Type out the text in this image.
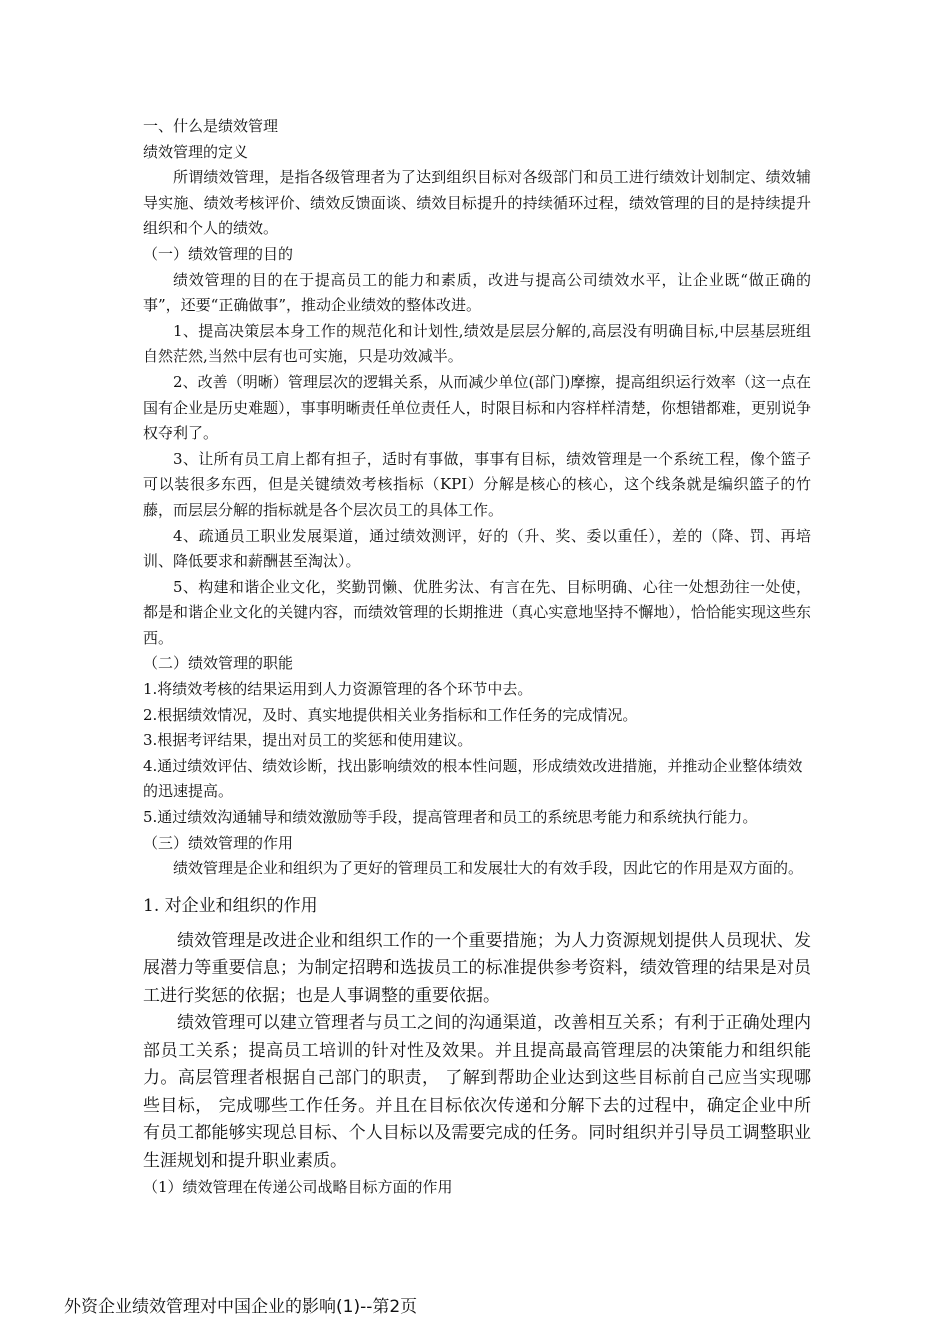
一、什么是绩效管理

绩效管理的定义

所谓绩效管理，是指各级管理者为了达到组织目标对各级部门和员工进行绩效计划制定、绩效辅导实施、绩效考核评价、绩效反馈面谈、绩效目标提升的持续循环过程，绩效管理的目的是持续提升组织和个人的绩效。

（一）绩效管理的目的

绩效管理的目的在于提高员工的能力和素质，改进与提高公司绩效水平，让企业既“做正确的事”，还要“正确做事”，推动企业绩效的整体改进。

1、提高决策层本身工作的规范化和计划性,绩效是层层分解的,高层没有明确目标,中层基层班组自然茫然,当然中层有也可实施，只是功效减半。

2、改善（明晰）管理层次的逻辑关系，从而减少单位(部门)摩擦，提高组织运行效率（这一点在国有企业是历史难题），事事明晰责任单位责任人，时限目标和内容样样清楚，你想错都难，更别说争权夺利了。

3、让所有员工肩上都有担子，适时有事做，事事有目标，绩效管理是一个系统工程，像个篮子可以装很多东西，但是关键绩效考核指标（KPI）分解是核心的核心，这个线条就是编织篮子的竹藤，而层层分解的指标就是各个层次员工的具体工作。

4、疏通员工职业发展渠道，通过绩效测评，好的（升、奖、委以重任），差的（降、罚、再培训、降低要求和薪酬甚至淘汰）。

5、构建和谐企业文化，奖勤罚懒、优胜劣汰、有言在先、目标明确、心往一处想劲往一处使，都是和谐企业文化的关键内容，而绩效管理的长期推进（真心实意地坚持不懈地），恰恰能实现这些东西。

（二）绩效管理的职能

1.将绩效考核的结果运用到人力资源管理的各个环节中去。

2.根据绩效情况，及时、真实地提供相关业务指标和工作任务的完成情况。

3.根据考评结果，提出对员工的奖惩和使用建议。

4.通过绩效评估、绩效诊断，找出影响绩效的根本性问题，形成绩效改进措施，并推动企业整体绩效的迅速提高。

5.通过绩效沟通辅导和绩效激励等手段，提高管理者和员工的系统思考能力和系统执行能力。

（三）绩效管理的作用

绩效管理是企业和组织为了更好的管理员工和发展壮大的有效手段，因此它的作用是双方面的。

1. 对企业和组织的作用

绩效管理是改进企业和组织工作的一个重要措施；为人力资源规划提供人员现状、发展潜力等重要信息；为制定招聘和选拔员工的标准提供参考资料，绩效管理的结果是对员工进行奖惩的依据；也是人事调整的重要依据。

绩效管理可以建立管理者与员工之间的沟通渠道，改善相互关系；有利于正确处理内部员工关系；提高员工培训的针对性及效果。并且提高最高管理层的决策能力和组织能力。高层管理者根据自己部门的职责， 了解到帮助企业达到这些目标前自己应当实现哪些目标， 完成哪些工作任务。并且在目标依次传递和分解下去的过程中，确定企业中所有员工都能够实现总目标、个人目标以及需要完成的任务。同时组织并引导员工调整职业生涯规划和提升职业素质。

（1）绩效管理在传递公司战略目标方面的作用

外资企业绩效管理对中国企业的影响(1)--第2页
